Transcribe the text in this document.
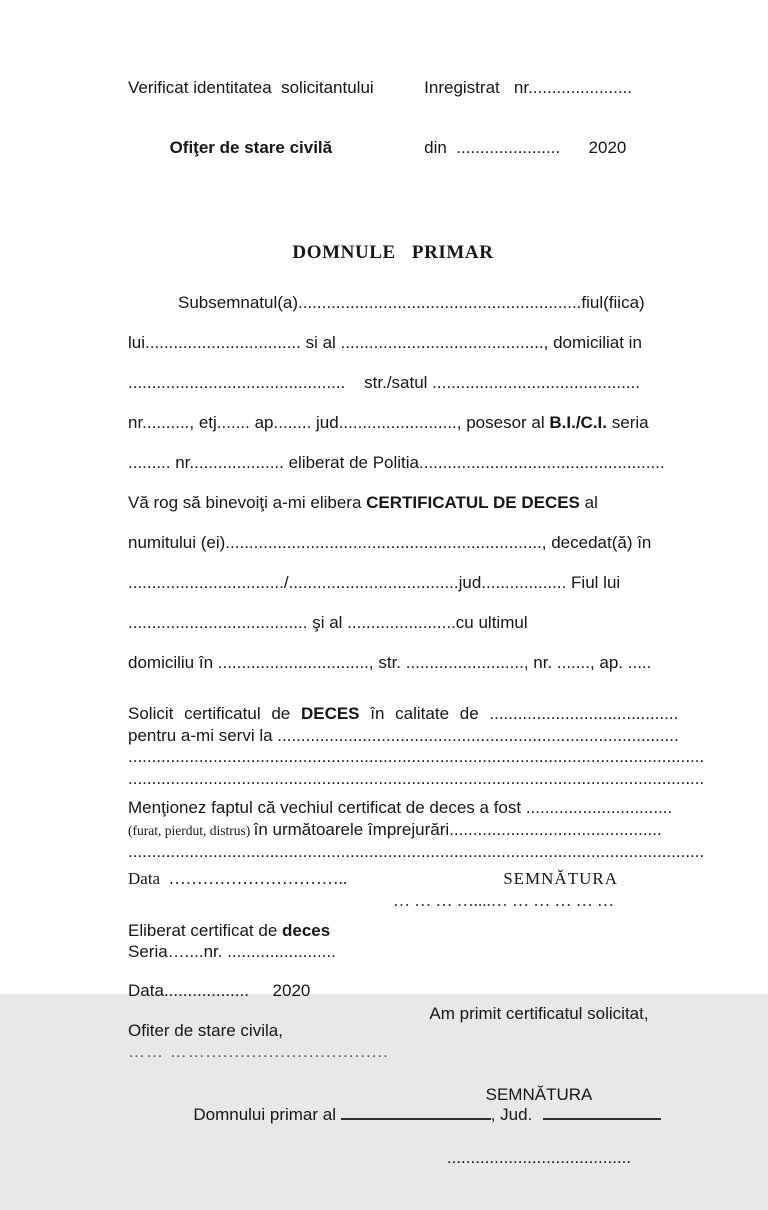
Verificat identitatea  solicitantului

Ofiţer de stare civilă

Inregistrat   nr......................

din  ......................      2020

DOMNULE   PRIMAR
Subsemnatul(a)............................................................fiul(fiica)
lui................................. si al ..........................................., domiciliat in
..............................................    str./satul ............................................
nr.........., etj....... ap........ jud........................., posesor al B.I./C.I. seria
......... nr.................... eliberat de Politia....................................................
Vă rog să binevoiţi a-mi elibera CERTIFICATUL DE DECES al
numitului (ei)..................................................................., decedat(ă) în
................................./....................................jud.................. Fiul lui
...................................... şi al .......................cu ultimul
domiciliu în ................................, str. ........................., nr. ......., ap. .....
Solicit certificatul de DECES în calitate de ........................................
pentru a-mi servi la .....................................................................................
..........................................................................................................................
..........................................................................................................................
Menţionez faptul că vechiul certificat de deces a fost ...............................
(furat, pierdut, distrus) în următoarele împrejurări.............................................
..........................................................................................................................
Data  …………………………..	SEMNĂTURA
… … … …....… … … … … …
Eliberat certificat de deces
Seria…....nr. .......................
Data..................     2020
Ofiter de stare civila,
…… ……................................

Am primit certificatul solicitat,

SEMNĂTURA

.......................................

Domnului primar al	, Jud.
